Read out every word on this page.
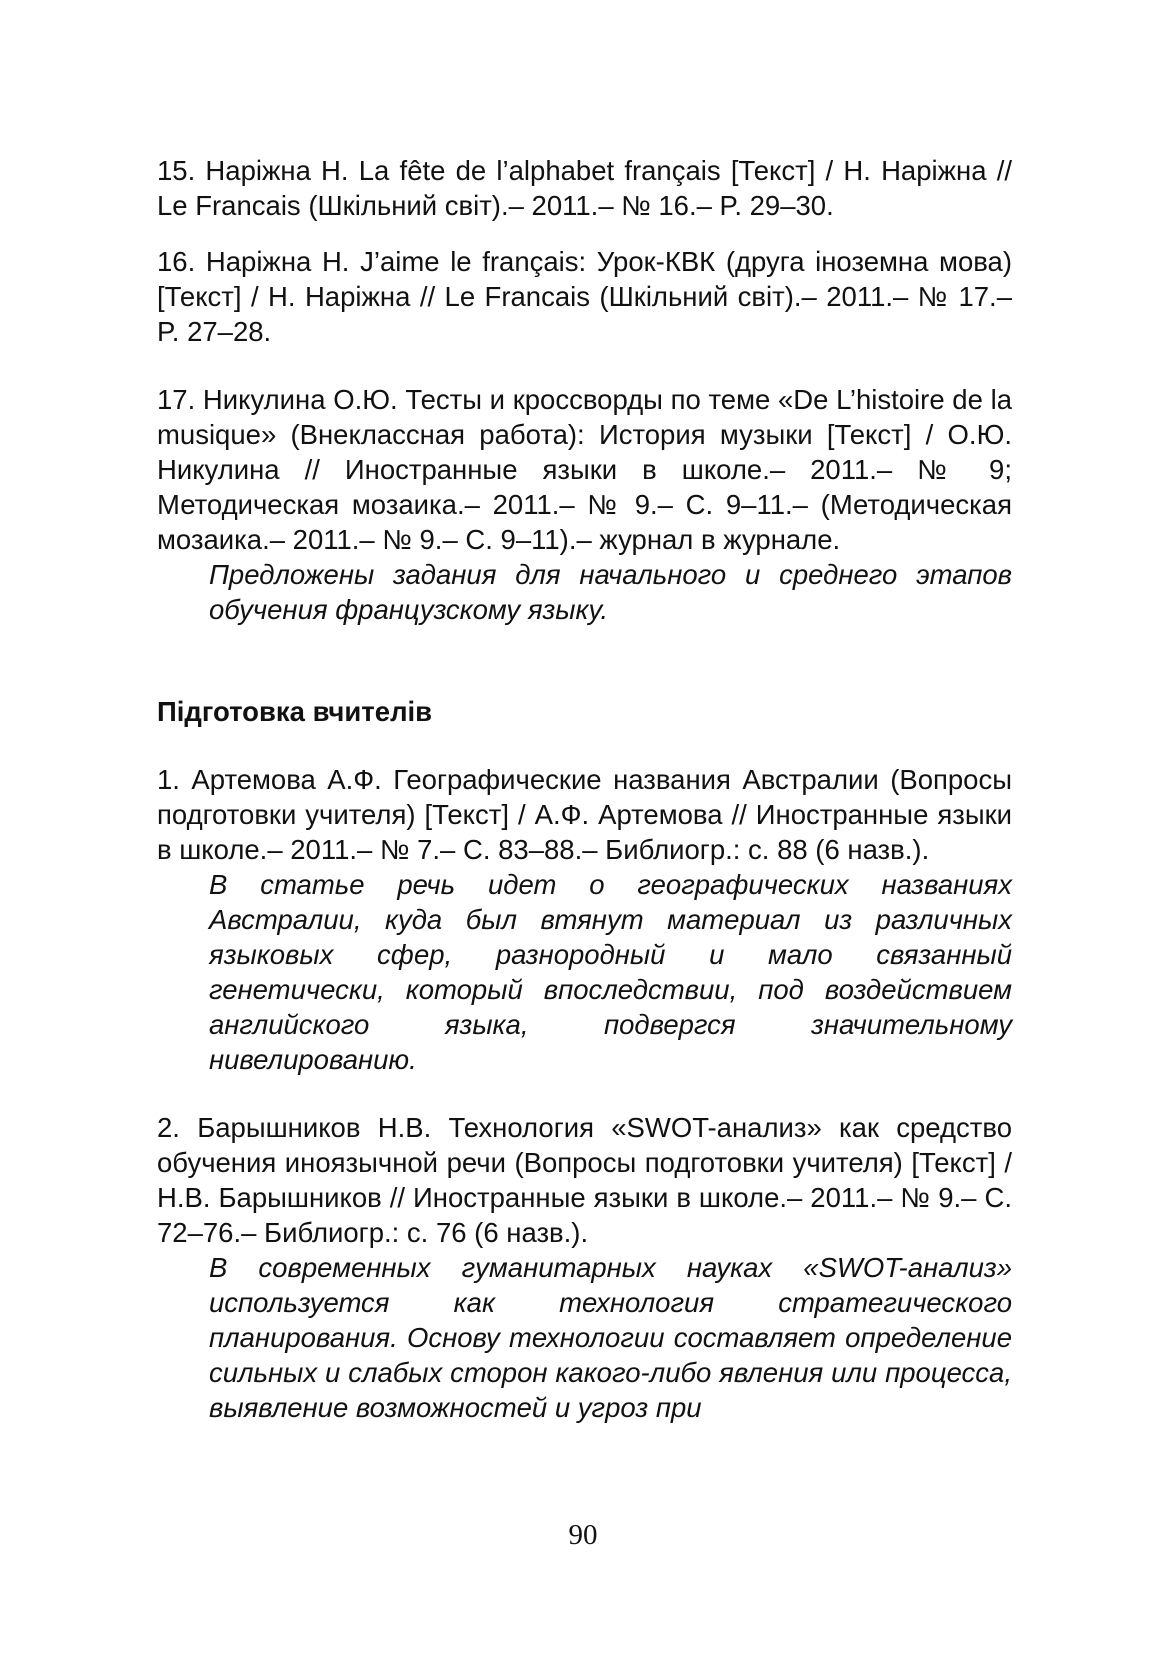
15. Наріжна Н. La fête de l’alphabet français [Текст] / Н. Наріжна // Le Francais (Шкільний світ).– 2011.– № 16.– P. 29–30.

16. Наріжна Н. J’aime le français: Урок-КВК (друга іноземна мова) [Текст] / Н. Наріжна // Le Francais (Шкільний світ).– 2011.– № 17.– P. 27–28.

17. Никулина О.Ю. Тесты и кроссворды по теме «De L’histoire de la musique» (Внеклассная работа): История музыки [Текст] / О.Ю. Никулина // Иностранные языки в школе.– 2011.– № 9; Методическая мозаика.– 2011.– № 9.– С. 9–11.– (Методическая мозаика.– 2011.– № 9.– С. 9–11).– журнал в журнале.

Предложены задания для начального и среднего этапов обучения французскому языку.

Підготовка вчителів

1. Артемова А.Ф. Географические названия Австралии (Вопросы подготовки учителя) [Текст] / А.Ф. Артемова // Иностранные языки в школе.– 2011.– № 7.– С. 83–88.– Библиогр.: с. 88 (6 назв.).

В статье речь идет о географических названиях Австралии, куда был втянут материал из различных языковых сфер, разнородный и мало связанный генетически, который впоследствии, под воздействием английского языка, подвергся значительному нивелированию.

2. Барышников Н.В. Технология «SWOT-анализ» как средство обучения иноязычной речи (Вопросы подготовки учителя) [Текст] / Н.В. Барышников // Иностранные языки в школе.– 2011.– № 9.– С. 72–76.– Библиогр.: с. 76 (6 назв.).

В современных гуманитарных науках «SWOT-анализ» используется как технология стратегического планирования. Основу технологии составляет определение сильных и слабых сторон какого-либо явления или процесса, выявление возможностей и угроз при

90
